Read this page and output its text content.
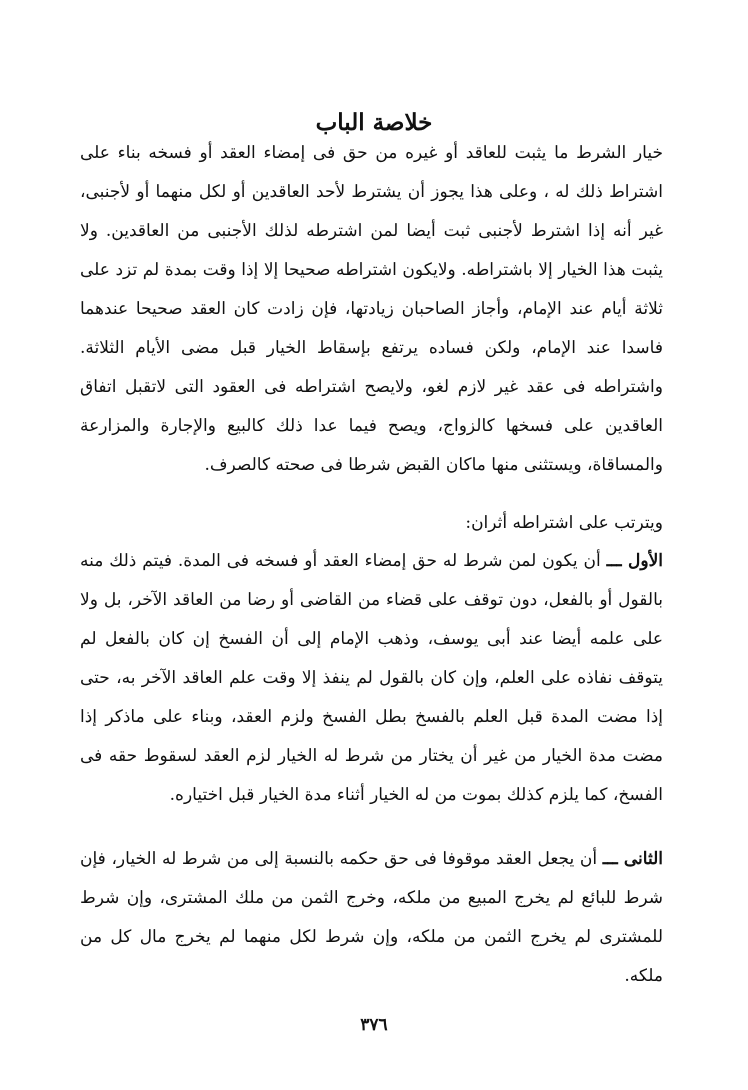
خلاصة الباب

خيار الشرط ما يثبت للعاقد أو غيره من حق فى إمضاء العقد أو فسخه بناء على اشتراط ذلك له ، وعلى هذا يجوز أن يشترط لأحد العاقدين أو لكل منهما أو لأجنبى، غير أنه إذا اشترط لأجنبى ثبت أيضا لمن اشترطه لذلك الأجنبى من العاقدين. ولا يثبت هذا الخيار إلا باشتراطه. ولايكون اشتراطه صحيحا إلا إذا وقت بمدة لم تزد على ثلاثة أيام عند الإمام، وأجاز الصاحبان زيادتها، فإن زادت كان العقد صحيحا عندهما فاسدا عند الإمام، ولكن فساده يرتفع بإسقاط الخيار قبل مضى الأيام الثلاثة. واشتراطه فى عقد غير لازم لغو، ولايصح اشتراطه فى العقود التى لاتقبل اتفاق العاقدين على فسخها كالزواج، ويصح فيما عدا ذلك كالبيع والإجارة والمزارعة والمساقاة، ويستثنى منها ماكان القبض شرطا فى صحته كالصرف.

ويترتب على اشتراطه أثران:

الأول ـــ أن يكون لمن شرط له حق إمضاء العقد أو فسخه فى المدة. فيتم ذلك منه بالقول أو بالفعل، دون توقف على قضاء من القاضى أو رضا من العاقد الآخر، بل ولا على علمه أيضا عند أبى يوسف، وذهب الإمام إلى أن الفسخ إن كان بالفعل لم يتوقف نفاذه على العلم، وإن كان بالقول لم ينفذ إلا وقت علم العاقد الآخر به، حتى إذا مضت المدة قبل العلم بالفسخ بطل الفسخ ولزم العقد، وبناء على ماذكر إذا مضت مدة الخيار من غير أن يختار من شرط له الخيار لزم العقد لسقوط حقه فى الفسخ، كما يلزم كذلك بموت من له الخيار أثناء مدة الخيار قبل اختياره.

الثانى ـــ أن يجعل العقد موقوفا فى حق حكمه بالنسبة إلى من شرط له الخيار، فإن شرط للبائع لم يخرج المبيع من ملكه، وخرج الثمن من ملك المشترى، وإن شرط للمشترى لم يخرج الثمن من ملكه، وإن شرط لكل منهما لم يخرج مال كل من ملكه.

٣٧٦
